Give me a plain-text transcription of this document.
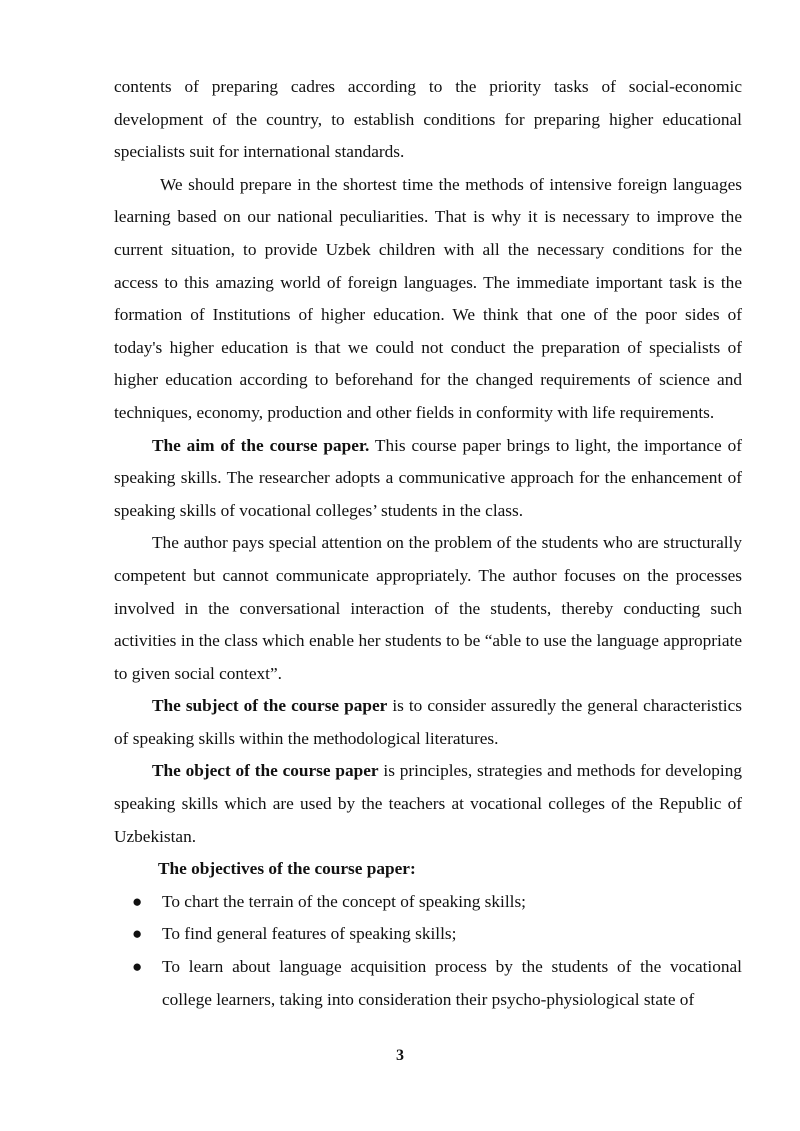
contents of preparing cadres according to the priority tasks of social-economic development of the country, to establish conditions for preparing higher educational specialists suit for international standards.

We should prepare in the shortest time the methods of intensive foreign languages learning based on our national peculiarities. That is why it is necessary to improve the current situation, to provide Uzbek children with all the necessary conditions for the access to this amazing world of foreign languages. The immediate important task is the formation of Institutions of higher education. We think that one of the poor sides of today's higher education is that we could not conduct the preparation of specialists of higher education according to beforehand for the changed requirements of science and techniques, economy, production and other fields in conformity with life requirements.

The aim of the course paper. This course paper brings to light, the importance of speaking skills. The researcher adopts a communicative approach for the enhancement of speaking skills of vocational colleges’ students in the class.

The author pays special attention on the problem of the students who are structurally competent but cannot communicate appropriately. The author focuses on the processes involved in the conversational interaction of the students, thereby conducting such activities in the class which enable her students to be “able to use the language appropriate to given social context”.

The subject of the course paper is to consider assuredly the general characteristics of speaking skills within the methodological literatures.

The object of the course paper is principles, strategies and methods for developing speaking skills which are used by the teachers at vocational colleges of the Republic of Uzbekistan.

The objectives of the course paper:

● To chart the terrain of the concept of speaking skills;
● To find general features of speaking skills;
● To learn about language acquisition process by the students of the vocational college learners, taking into consideration their psycho-physiological state of
3
